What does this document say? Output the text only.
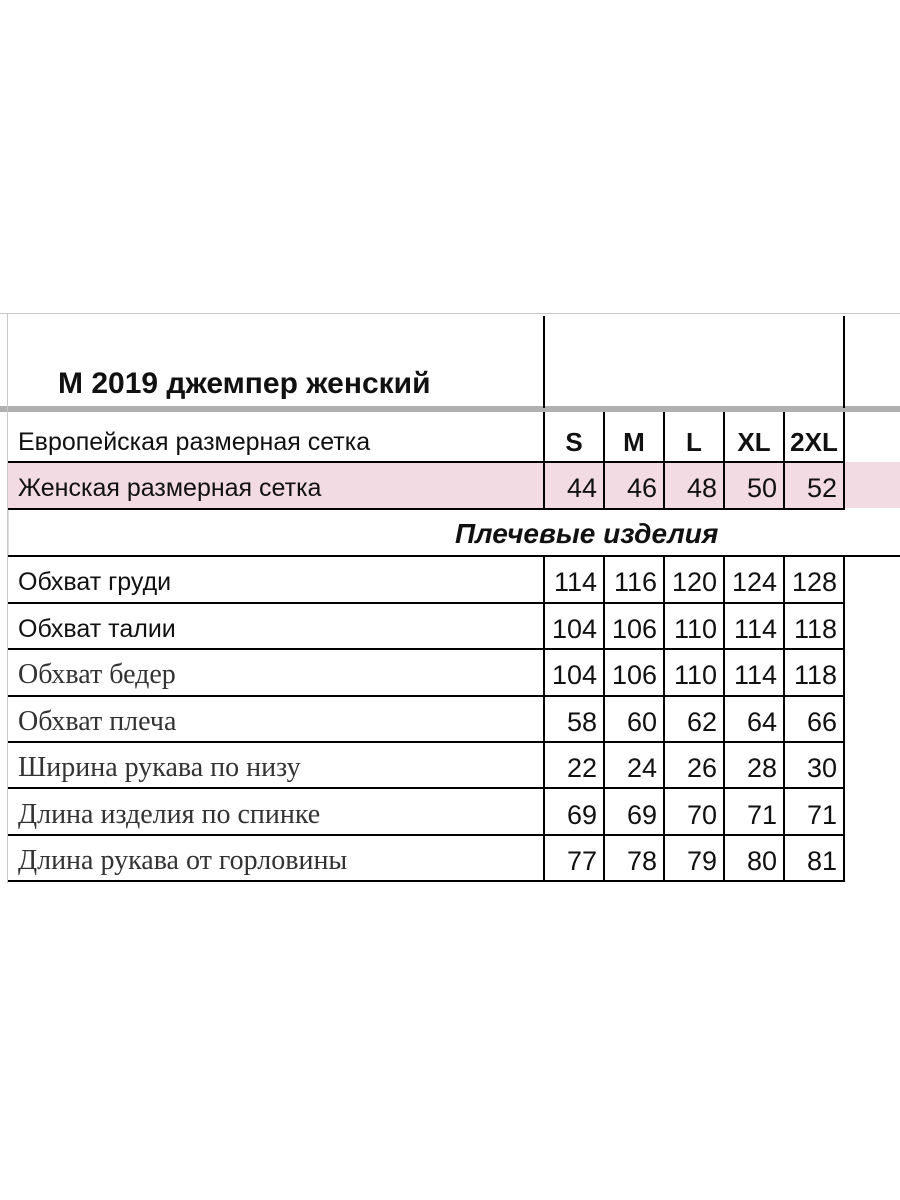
М 2019 джемпер женский
Европейская размерная сетка	S	M	L	XL 2XL
Женская размерная сетка	44	46	48	50	52
Плечевые изделия
Обхват груди	114 116 120 124 128
Обхват талии	104 106 110 114 118
Обхват бедер	104 106 110 114 118
Обхват плеча	58	60	62	64	66
Ширина рукава по низу	22	24	26	28	30
Длина изделия по спинке	69	69	70	71	71
Длина рукава от горловины	77	78	79	80	81
